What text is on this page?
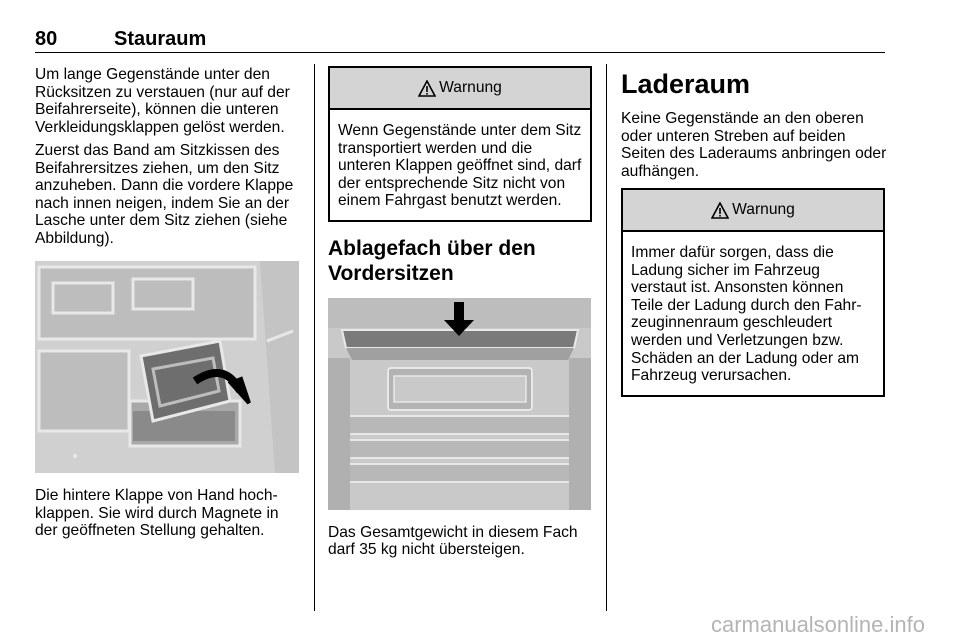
80	Stauraum

Um lange Gegenstände unter den Rücksitzen zu verstauen (nur auf der Beifahrerseite), können die unteren Verkleidungsklappen gelöst werden.

Zuerst das Band am Sitzkissen des Beifahrersitzes ziehen, um den Sitz anzuheben. Dann die vordere Klappe nach innen neigen, indem Sie an der Lasche unter dem Sitz ziehen (siehe Abbildung).

Die hintere Klappe von Hand hoch-klappen. Sie wird durch Magnete in der geöffneten Stellung gehalten.

Warnung
Wenn Gegenstände unter dem Sitz transportiert werden und die unteren Klappen geöffnet sind, darf der entsprechende Sitz nicht von einem Fahrgast benutzt werden.
Ablagefach über den Vordersitzen

Das Gesamtgewicht in diesem Fach darf 35 kg nicht übersteigen.

Laderaum

Keine Gegenstände an den oberen oder unteren Streben auf beiden Seiten des Laderaums anbringen oder aufhängen.

Warnung
Immer dafür sorgen, dass die Ladung sicher im Fahrzeug verstaut ist. Ansonsten können Teile der Ladung durch den Fahr-zeuginnenraum geschleudert werden und Verletzungen bzw. Schäden an der Ladung oder am Fahrzeug verursachen.
carmanualsonline.info
